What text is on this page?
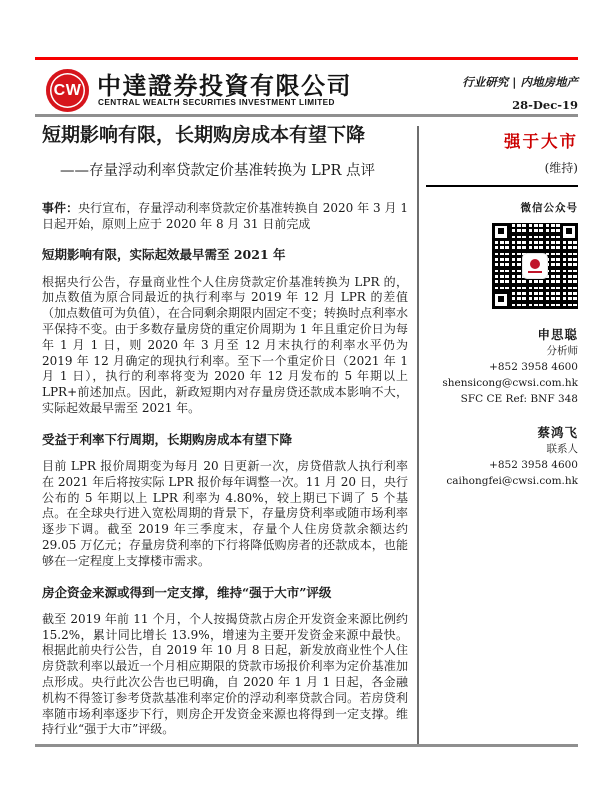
CW 中達證券投資有限公司
CENTRAL WEALTH SECURITIES INVESTMENT LIMITED
行业研究 | 内地房地产
28-Dec-19
短期影响有限，长期购房成本有望下降
——存量浮动利率贷款定价基准转换为 LPR 点评
事件：央行宣布，存量浮动利率贷款定价基准转换自 2020 年 3 月 1 日起开始，原则上应于 2020 年 8 月 31 日前完成
短期影响有限，实际起效最早需至 2021 年
根据央行公告，存量商业性个人住房贷款定价基准转换为 LPR 的，加点数值为原合同最近的执行利率与 2019 年 12 月 LPR 的差值（加点数值可为负值），在合同剩余期限内固定不变；转换时点利率水平保持不变。由于多数存量房贷的重定价周期为 1 年且重定价日为每年 1 月 1 日，则 2020 年 3 月至 12 月末执行的利率水平仍为 2019 年 12 月确定的现执行利率。至下一个重定价日（2021 年 1 月 1 日），执行的利率将变为 2020 年 12 月发布的 5 年期以上 LPR+前述加点。因此，新政短期内对存量房贷还款成本影响不大，实际起效最早需至 2021 年。
受益于利率下行周期，长期购房成本有望下降
目前 LPR 报价周期变为每月 20 日更新一次，房贷借款人执行利率在 2021 年后将按实际 LPR 报价每年调整一次。11 月 20 日，央行公布的 5 年期以上 LPR 利率为 4.80%，较上期已下调了 5 个基点。在全球央行进入宽松周期的背景下，存量房贷利率或随市场利率逐步下调。截至 2019 年三季度末，存量个人住房贷款余额达约 29.05 万亿元；存量房贷利率的下行将降低购房者的还款成本，也能够在一定程度上支撑楼市需求。
房企资金来源或得到一定支撑，维持“强于大市”评级
截至 2019 年前 11 个月，个人按揭贷款占房企开发资金来源比例约 15.2%，累计同比增长 13.9%，增速为主要开发资金来源中最快。根据此前央行公告，自 2019 年 10 月 8 日起，新发放商业性个人住房贷款利率以最近一个月相应期限的贷款市场报价利率为定价基准加点形成。央行此次公告也已明确，自 2020 年 1 月 1 日起，各金融机构不得签订参考贷款基准利率定价的浮动利率贷款合同。若房贷利率随市场利率逐步下行，则房企开发资金来源也将得到一定支撑。维持行业“强于大市”评级。
强于大市
(维持)
微信公众号
申思聪
分析师
+852 3958 4600
shensicong@cwsi.com.hk
SFC CE Ref: BNF 348
蔡鸿飞
联系人
+852 3958 4600
caihongfei@cwsi.com.hk
